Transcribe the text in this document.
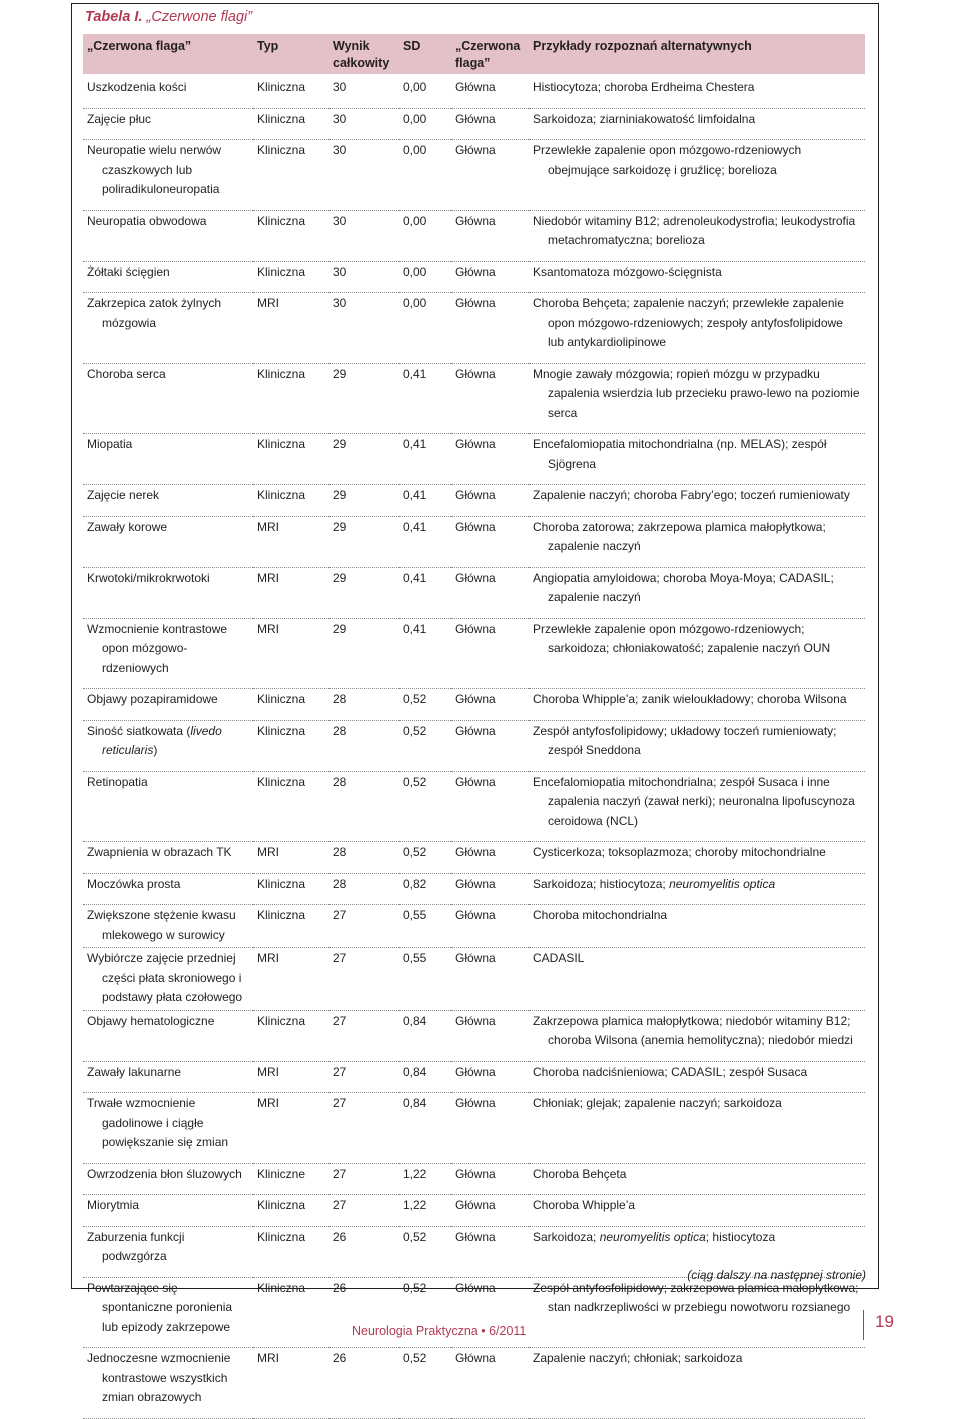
Tabela I. „Czerwone flagi”
„Czerwona flaga”	Typ	Wynik całkowity	SD	„Czerwona flaga”	Przykłady rozpoznań alternatywnych
Uszkodzenia kości	Kliniczna	30	0,00	Główna	Histiocytoza; choroba Erdheima Chestera
Zajęcie płuc	Kliniczna	30	0,00	Główna	Sarkoidoza; ziarniniakowatość limfoidalna
Neuropatie wielu nerwów czaszkowych lub poliradikuloneuropatia	Kliniczna	30	0,00	Główna	Przewlekłe zapalenie opon mózgowo-rdzeniowych obejmujące sarkoidozę i gruźlicę; borelioza
Neuropatia obwodowa	Kliniczna	30	0,00	Główna	Niedobór witaminy B12; adrenoleukodystrofia; leukodystrofia metachromatyczna; borelioza
Żółtaki ścięgien	Kliniczna	30	0,00	Główna	Ksantomatoza mózgowo-ścięgnista
Zakrzepica zatok żylnych mózgowia	MRI	30	0,00	Główna	Choroba Behçeta; zapalenie naczyń; przewlekłe zapalenie opon mózgowo-rdzeniowych; zespoły antyfosfolipidowe lub antykardiolipinowe
Choroba serca	Kliniczna	29	0,41	Główna	Mnogie zawały mózgowia; ropień mózgu w przypadku zapalenia wsierdzia lub przecieku prawo-lewo na poziomie serca
Miopatia	Kliniczna	29	0,41	Główna	Encefalomiopatia mitochondrialna (np. MELAS); zespół Sjögrena
Zajęcie nerek	Kliniczna	29	0,41	Główna	Zapalenie naczyń; choroba Fabry’ego; toczeń rumieniowaty
Zawały korowe	MRI	29	0,41	Główna	Choroba zatorowa; zakrzepowa plamica małopłytkowa; zapalenie naczyń
Krwotoki/mikrokrwotoki	MRI	29	0,41	Główna	Angiopatia amyloidowa; choroba Moya-Moya; CADASIL; zapalenie naczyń
Wzmocnienie kontrastowe opon mózgowo-rdzeniowych	MRI	29	0,41	Główna	Przewlekłe zapalenie opon mózgowo-rdzeniowych; sarkoidoza; chłoniakowatość; zapalenie naczyń OUN
Objawy pozapiramidowe	Kliniczna	28	0,52	Główna	Choroba Whipple’a; zanik wieloukładowy; choroba Wilsona
Siność siatkowata (livedo reticularis)	Kliniczna	28	0,52	Główna	Zespół antyfosfolipidowy; układowy toczeń rumieniowaty; zespół Sneddona
Retinopatia	Kliniczna	28	0,52	Główna	Encefalomiopatia mitochondrialna; zespół Susaca i inne zapalenia naczyń (zawał nerki); neuronalna lipofuscynoza ceroidowa (NCL)
Zwapnienia w obrazach TK	MRI	28	0,52	Główna	Cysticerkoza; toksoplazmoza; choroby mitochondrialne
Moczówka prosta	Kliniczna	28	0,82	Główna	Sarkoidoza; histiocytoza; neuromyelitis optica
Zwiększone stężenie kwasu mlekowego w surowicy	Kliniczna	27	0,55	Główna	Choroba mitochondrialna
Wybiórcze zajęcie przedniej części płata skroniowego i podstawy płata czołowego	MRI	27	0,55	Główna	CADASIL
Objawy hematologiczne	Kliniczna	27	0,84	Główna	Zakrzepowa plamica małopłytkowa; niedobór witaminy B12; choroba Wilsona (anemia hemolityczna); niedobór miedzi
Zawały lakunarne	MRI	27	0,84	Główna	Choroba nadciśnieniowa; CADASIL; zespół Susaca
Trwałe wzmocnienie gadolinowe i ciągłe powiększanie się zmian	MRI	27	0,84	Główna	Chłoniak; glejak; zapalenie naczyń; sarkoidoza
Owrzodzenia błon śluzowych	Kliniczne	27	1,22	Główna	Choroba Behçeta
Miorytmia	Kliniczna	27	1,22	Główna	Choroba Whipple’a
Zaburzenia funkcji podwzgórza	Kliniczna	26	0,52	Główna	Sarkoidoza; neuromyelitis optica; histiocytoza
Powtarzające się spontaniczne poronienia lub epizody zakrzepowe	Kliniczna	26	0,52	Główna	Zespół antyfosfolipidowy; zakrzepowa plamica małopłytkowa; stan nadkrzepliwości w przebiegu nowotworu rozsianego
Jednoczesne wzmocnienie kontrastowe wszystkich zmian obrazowych	MRI	26	0,52	Główna	Zapalenie naczyń; chłoniak; sarkoidoza
(ciąg dalszy na następnej stronie)
Neurologia Praktyczna • 6/2011	19
